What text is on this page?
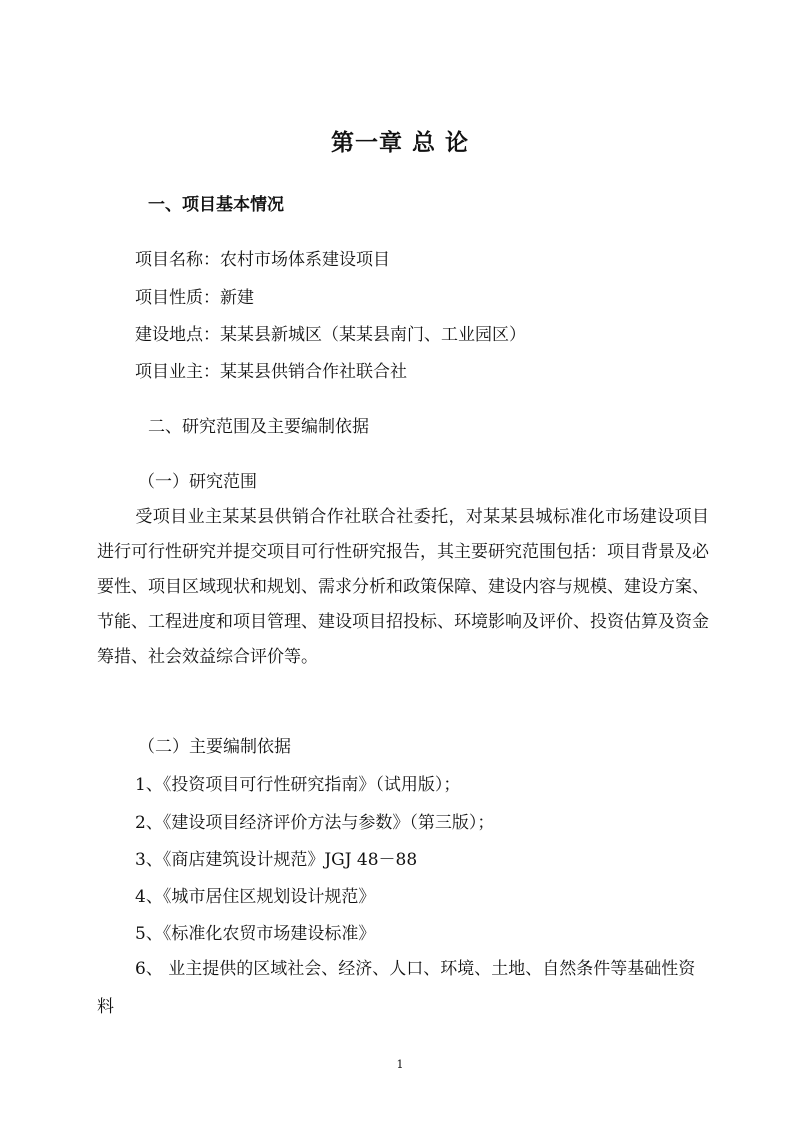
第一章 总 论
一、项目基本情况

项目名称：农村市场体系建设项目

项目性质：新建

建设地点：某某县新城区（某某县南门、工业园区）

项目业主：某某县供销合作社联合社

二、研究范围及主要编制依据

（一）研究范围

受项目业主某某县供销合作社联合社委托，对某某县城标准化市场建设项目进行可行性研究并提交项目可行性研究报告，其主要研究范围包括：项目背景及必要性、项目区域现状和规划、需求分析和政策保障、建设内容与规模、建设方案、节能、工程进度和项目管理、建设项目招投标、环境影响及评价、投资估算及资金筹措、社会效益综合评价等。

（二）主要编制依据

1、《投资项目可行性研究指南》（试用版）；

2、《建设项目经济评价方法与参数》（第三版）；

3、《商店建筑设计规范》JGJ 48－88

4、《城市居住区规划设计规范》

5、《标准化农贸市场建设标准》

6、 业主提供的区域社会、经济、人口、环境、土地、自然条件等基础性资料

1
